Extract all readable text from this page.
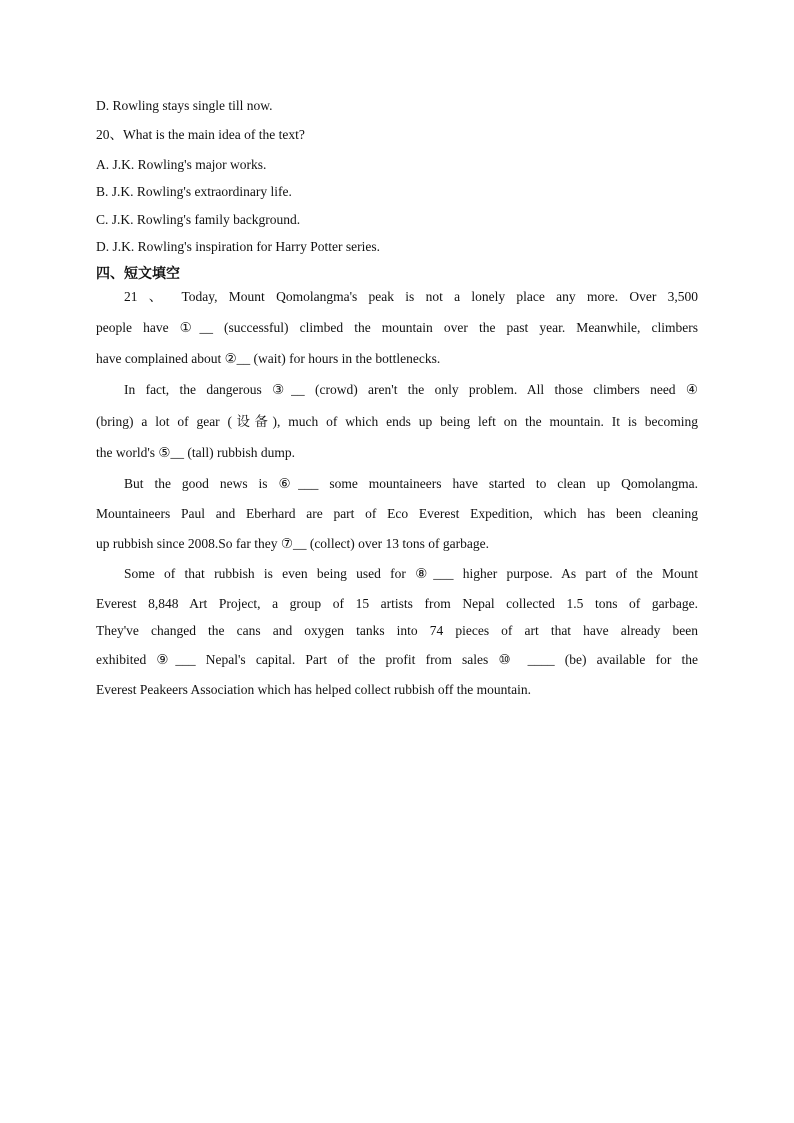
D. Rowling stays single till now.
20、What is the main idea of the text?
A. J.K. Rowling's major works.
B. J.K. Rowling's extraordinary life.
C. J.K. Rowling's family background.
D. J.K. Rowling's inspiration for Harry Potter series.
四、短文填空
21 、 Today, Mount Qomolangma's peak is not a lonely place any more. Over 3,500
people have ①__ (successful) climbed the mountain over the past year. Meanwhile, climbers
have complained about ②__ (wait) for hours in the bottlenecks.
In fact, the dangerous ③__ (crowd) aren't the only problem. All those climbers need ④
(bring) a lot of gear (设备), much of which ends up being left on the mountain. It is becoming
the world's ⑤__ (tall) rubbish dump.
But the good news is ⑥___ some mountaineers have started to clean up Qomolangma.
Mountaineers Paul and Eberhard are part of Eco Everest Expedition, which has been cleaning
up rubbish since 2008.So far they ⑦__ (collect) over 13 tons of garbage.
Some of that rubbish is even being used for ⑧___ higher purpose. As part of the Mount
Everest 8,848 Art Project, a group of 15 artists from Nepal collected 1.5 tons of garbage.
They've changed the cans and oxygen tanks into 74 pieces of art that have already been
exhibited ⑨___ Nepal's capital. Part of the profit from sales ⑩ ____ (be) available for the
Everest Peakeers Association which has helped collect rubbish off the mountain.
